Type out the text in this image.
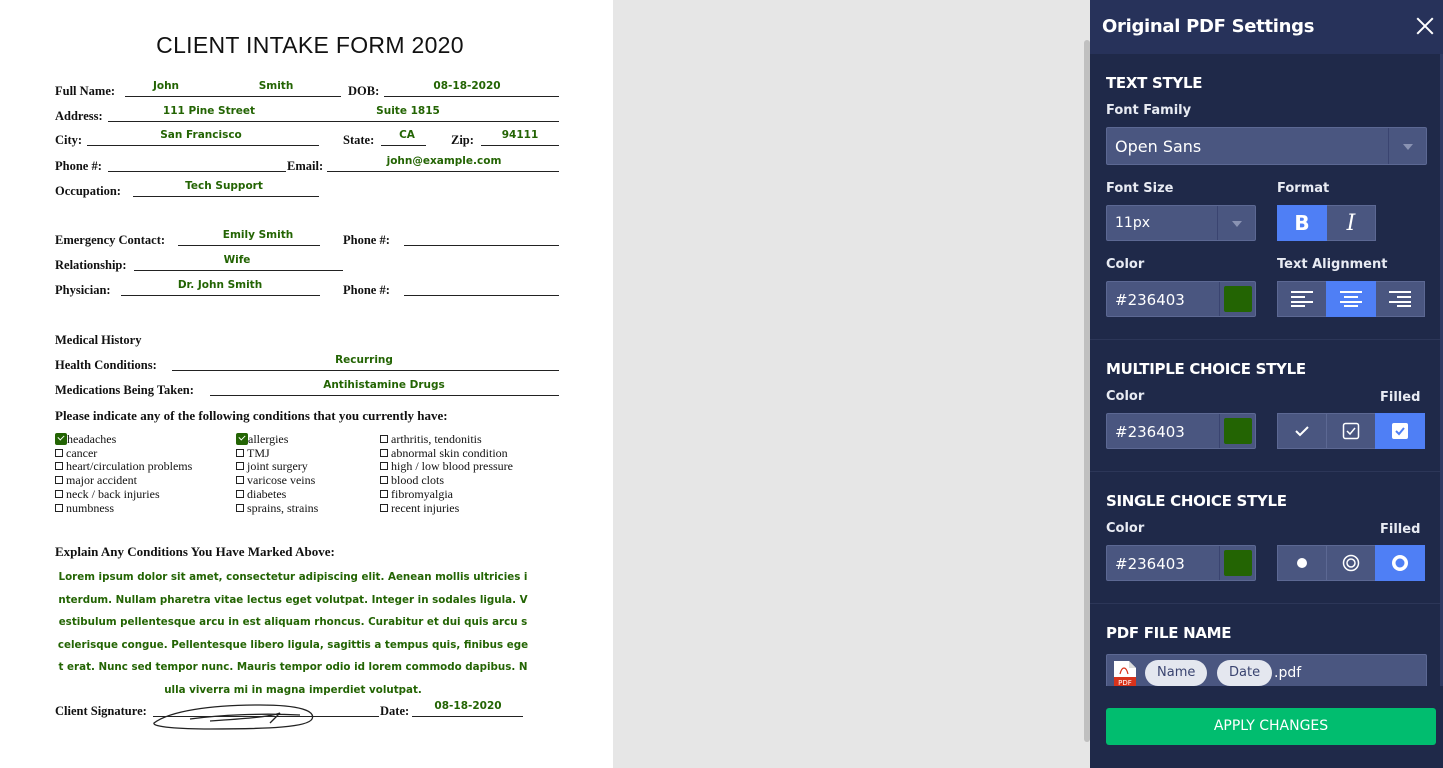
CLIENT INTAKE FORM 2020
Full Name:	John	Smith	DOB:	08-18-2020
Address:	111 Pine Street	Suite 1815
City:	San Francisco	State: CA	Zip:	94111
Phone #:	Email:	john@example.com
Occupation:	Tech Support
Emergency Contact:	Emily Smith	Phone #:
Relationship:	Wife
Physician:	Dr. John Smith	Phone #:
Medical History
Health Conditions:	Recurring
Medications Being Taken:	Antihistamine Drugs
Please indicate any of the following conditions that you currently have:
headaches
cancer
heart/circulation problems
major accident
neck / back injuries
numbness
allergies
TMJ
joint surgery
varicose veins
diabetes
sprains, strains
arthritis, tendonitis
abnormal skin condition
high / low blood pressure
blood clots
fibromyalgia
recent injuries
Explain Any Conditions You Have Marked Above:
Lorem ipsum dolor sit amet, consectetur adipiscing elit. Aenean mollis ultricies interdum. Nullam pharetra vitae lectus eget volutpat. Integer in sodales ligula. Vestibulum pellentesque arcu in est aliquam rhoncus. Curabitur et dui quis arcu scelerisque congue. Pellentesque libero ligula, sagittis a tempus quis, finibus eget erat. Nunc sed tempor nunc. Mauris tempor odio id lorem commodo dapibus. Nulla viverra mi in magna imperdiet volutpat.
Client Signature:	Date: 08-18-2020
Original PDF Settings
TEXT STYLE
Font Family
Open Sans
Font Size
11px
Format
B I
Color
#236403
Text Alignment
MULTIPLE CHOICE STYLE
Color	Filled
#236403
SINGLE CHOICE STYLE
Color	Filled
#236403
PDF FILE NAME
PDF
Name	Date .pdf
APPLY CHANGES
